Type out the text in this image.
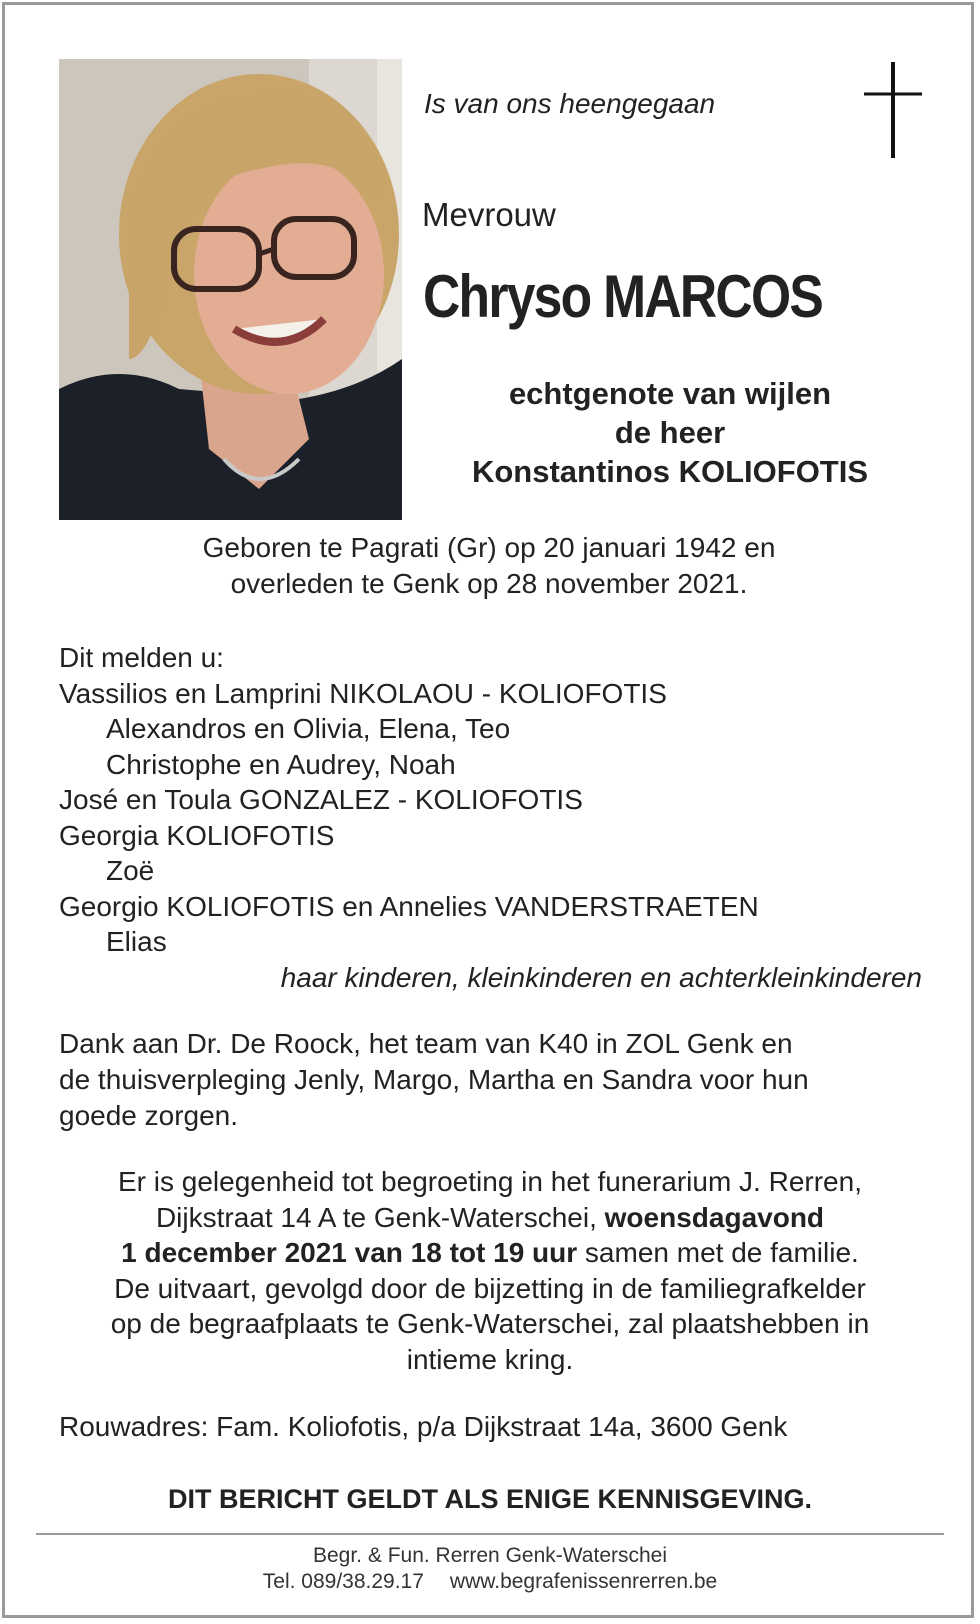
Is van ons heengegaan
Mevrouw
Chryso MARCOS
echtgenote van wijlen
de heer
Konstantinos KOLIOFOTIS
Geboren te Pagrati (Gr) op 20 januari 1942 en
overleden te Genk op 28 november 2021.
Dit melden u:
Vassilios en Lamprini NIKOLAOU - KOLIOFOTIS
Alexandros en Olivia, Elena, Teo
Christophe en Audrey, Noah
José en Toula GONZALEZ - KOLIOFOTIS
Georgia KOLIOFOTIS
Zoë
Georgio KOLIOFOTIS en Annelies VANDERSTRAETEN
Elias
haar kinderen, kleinkinderen en achterkleinkinderen
Dank aan Dr. De Roock, het team van K40 in ZOL Genk en
de thuisverpleging Jenly, Margo, Martha en Sandra voor hun
goede zorgen.
Er is gelegenheid tot begroeting in het funerarium J. Rerren,
Dijkstraat 14 A te Genk-Waterschei, woensdagavond
1 december 2021 van 18 tot 19 uur samen met de familie.
De uitvaart, gevolgd door de bijzetting in de familiegrafkelder
op de begraafplaats te Genk-Waterschei, zal plaatshebben in
intieme kring.
Rouwadres: Fam. Koliofotis, p/a Dijkstraat 14a, 3600 Genk
DIT BERICHT GELDT ALS ENIGE KENNISGEVING.
Begr. & Fun. Rerren Genk-Waterschei
Tel. 089/38.29.17 www.begrafenissenrerren.be
